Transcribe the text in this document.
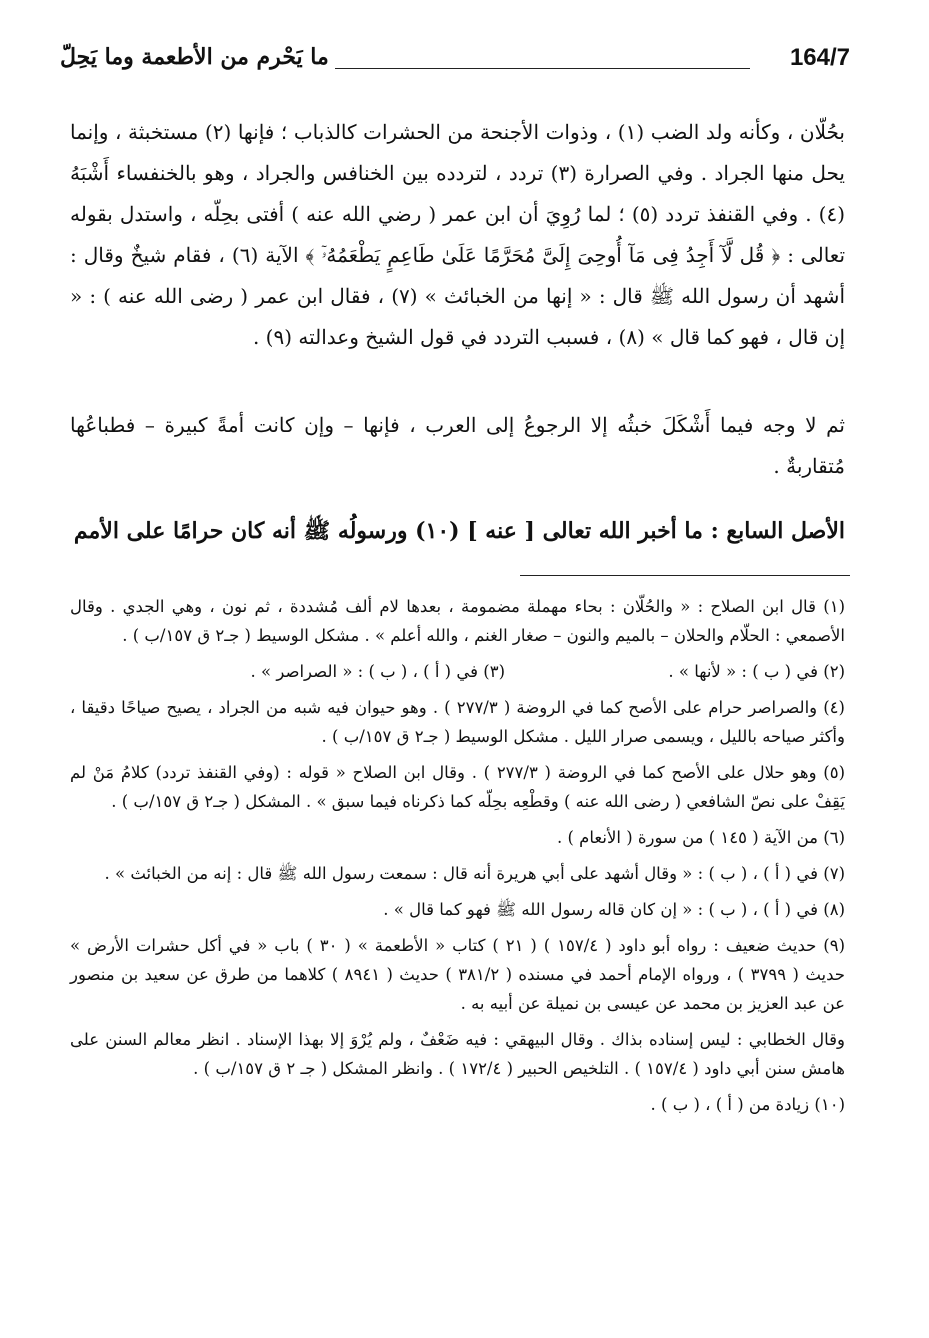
164/7
ما يَحْرم من الأطعمة وما يَحِلّ

بحُلّان ، وكأنه ولد الضب (١) ، وذوات الأجنحة من الحشرات كالذباب ؛ فإنها (٢) مستخبثة ، وإنما يحل منها الجراد . وفي الصرارة (٣) تردد ، لتردده بين الخنافس والجراد ، وهو بالخنفساء أَشْبَهُ (٤) . وفي القنفذ تردد (٥) ؛ لما رُوِيَ أن ابن عمر ( رضي الله عنه ) أفتى بحِلّه ، واستدل بقوله تعالى : ﴿ قُل لَّآ أَجِدُ فِى مَآ أُوحِىَ إِلَىَّ مُحَرَّمًا عَلَىٰ طَاعِمٍ يَطْعَمُهُۥٓ ﴾ الآية (٦) ، فقام شيخٌ وقال : أشهد أن رسول الله ﷺ قال : « إنها من الخبائث » (٧) ، فقال ابن عمر ( رضى الله عنه ) : « إن قال ، فهو كما قال » (٨) ، فسبب التردد في قول الشيخ وعدالته (٩) .

ثم لا وجه فيما أَشْكَلَ خبثُه إلا الرجوعُ إلى العرب ، فإنها – وإن كانت أمةً كبيرة – فطباعُها مُتقاربةٌ .

الأصل السابع : ما أخبر الله تعالى [ عنه ] (١٠) ورسولُه ﷺ أنه كان حرامًا على الأمم

(١) قال ابن الصلاح : « والحُلّان : بحاء مهملة مضمومة ، بعدها لام ألف مُشددة ، ثم نون ، وهي الجدي . وقال الأصمعي : الحلّام والحلان – بالميم والنون – صغار الغنم ، والله أعلم » . مشكل الوسيط ( جـ٢ ق ١٥٧/ب ) .

(٢) في ( ب ) : « لأنها » .
(٣) في ( أ ) ، ( ب ) : « الصراصر » .

(٤) والصراصر حرام على الأصح كما في الروضة ( ٢٧٧/٣ ) . وهو حيوان فيه شبه من الجراد ، يصيح صياحًا دقيقا ، وأكثر صياحه بالليل ، ويسمى صرار الليل . مشكل الوسيط ( جـ٢ ق ١٥٧/ب ) .

(٥) وهو حلال على الأصح كما في الروضة ( ٢٧٧/٣ ) . وقال ابن الصلاح « قوله : (وفي القنفذ تردد) كلامُ مَنْ لم يَقِفْ على نصّ الشافعي ( رضى الله عنه ) وقطْعِه بحِلّه كما ذكرناه فيما سبق » . المشكل ( جـ٢ ق ١٥٧/ب ) .

(٦) من الآية ( ١٤٥ ) من سورة ( الأنعام ) .

(٧) في ( أ ) ، ( ب ) : « وقال أشهد على أبي هريرة أنه قال : سمعت رسول الله ﷺ قال : إنه من الخبائث » .

(٨) في ( أ ) ، ( ب ) : « إن كان قاله رسول الله ﷺ فهو كما قال » .

(٩) حديث ضعيف : رواه أبو داود ( ١٥٧/٤ ) ( ٢١ ) كتاب « الأطعمة » ( ٣٠ ) باب « في أكل حشرات الأرض » حديث ( ٣٧٩٩ ) ، ورواه الإمام أحمد في مسنده ( ٣٨١/٢ ) حديث ( ٨٩٤١ ) كلاهما من طرق عن سعيد بن منصور عن عبد العزيز بن محمد عن عيسى بن نميلة عن أبيه به .

وقال الخطابي : ليس إسناده بذاك . وقال البيهقي : فيه ضَعْفٌ ، ولم يُرْوَ إلا بهذا الإسناد . انظر معالم السنن على هامش سنن أبي داود ( ١٥٧/٤ ) . التلخيص الحبير ( ١٧٢/٤ ) . وانظر المشكل ( جـ ٢ ق ١٥٧/ب ) .

(١٠) زيادة من ( أ ) ، ( ب ) .
